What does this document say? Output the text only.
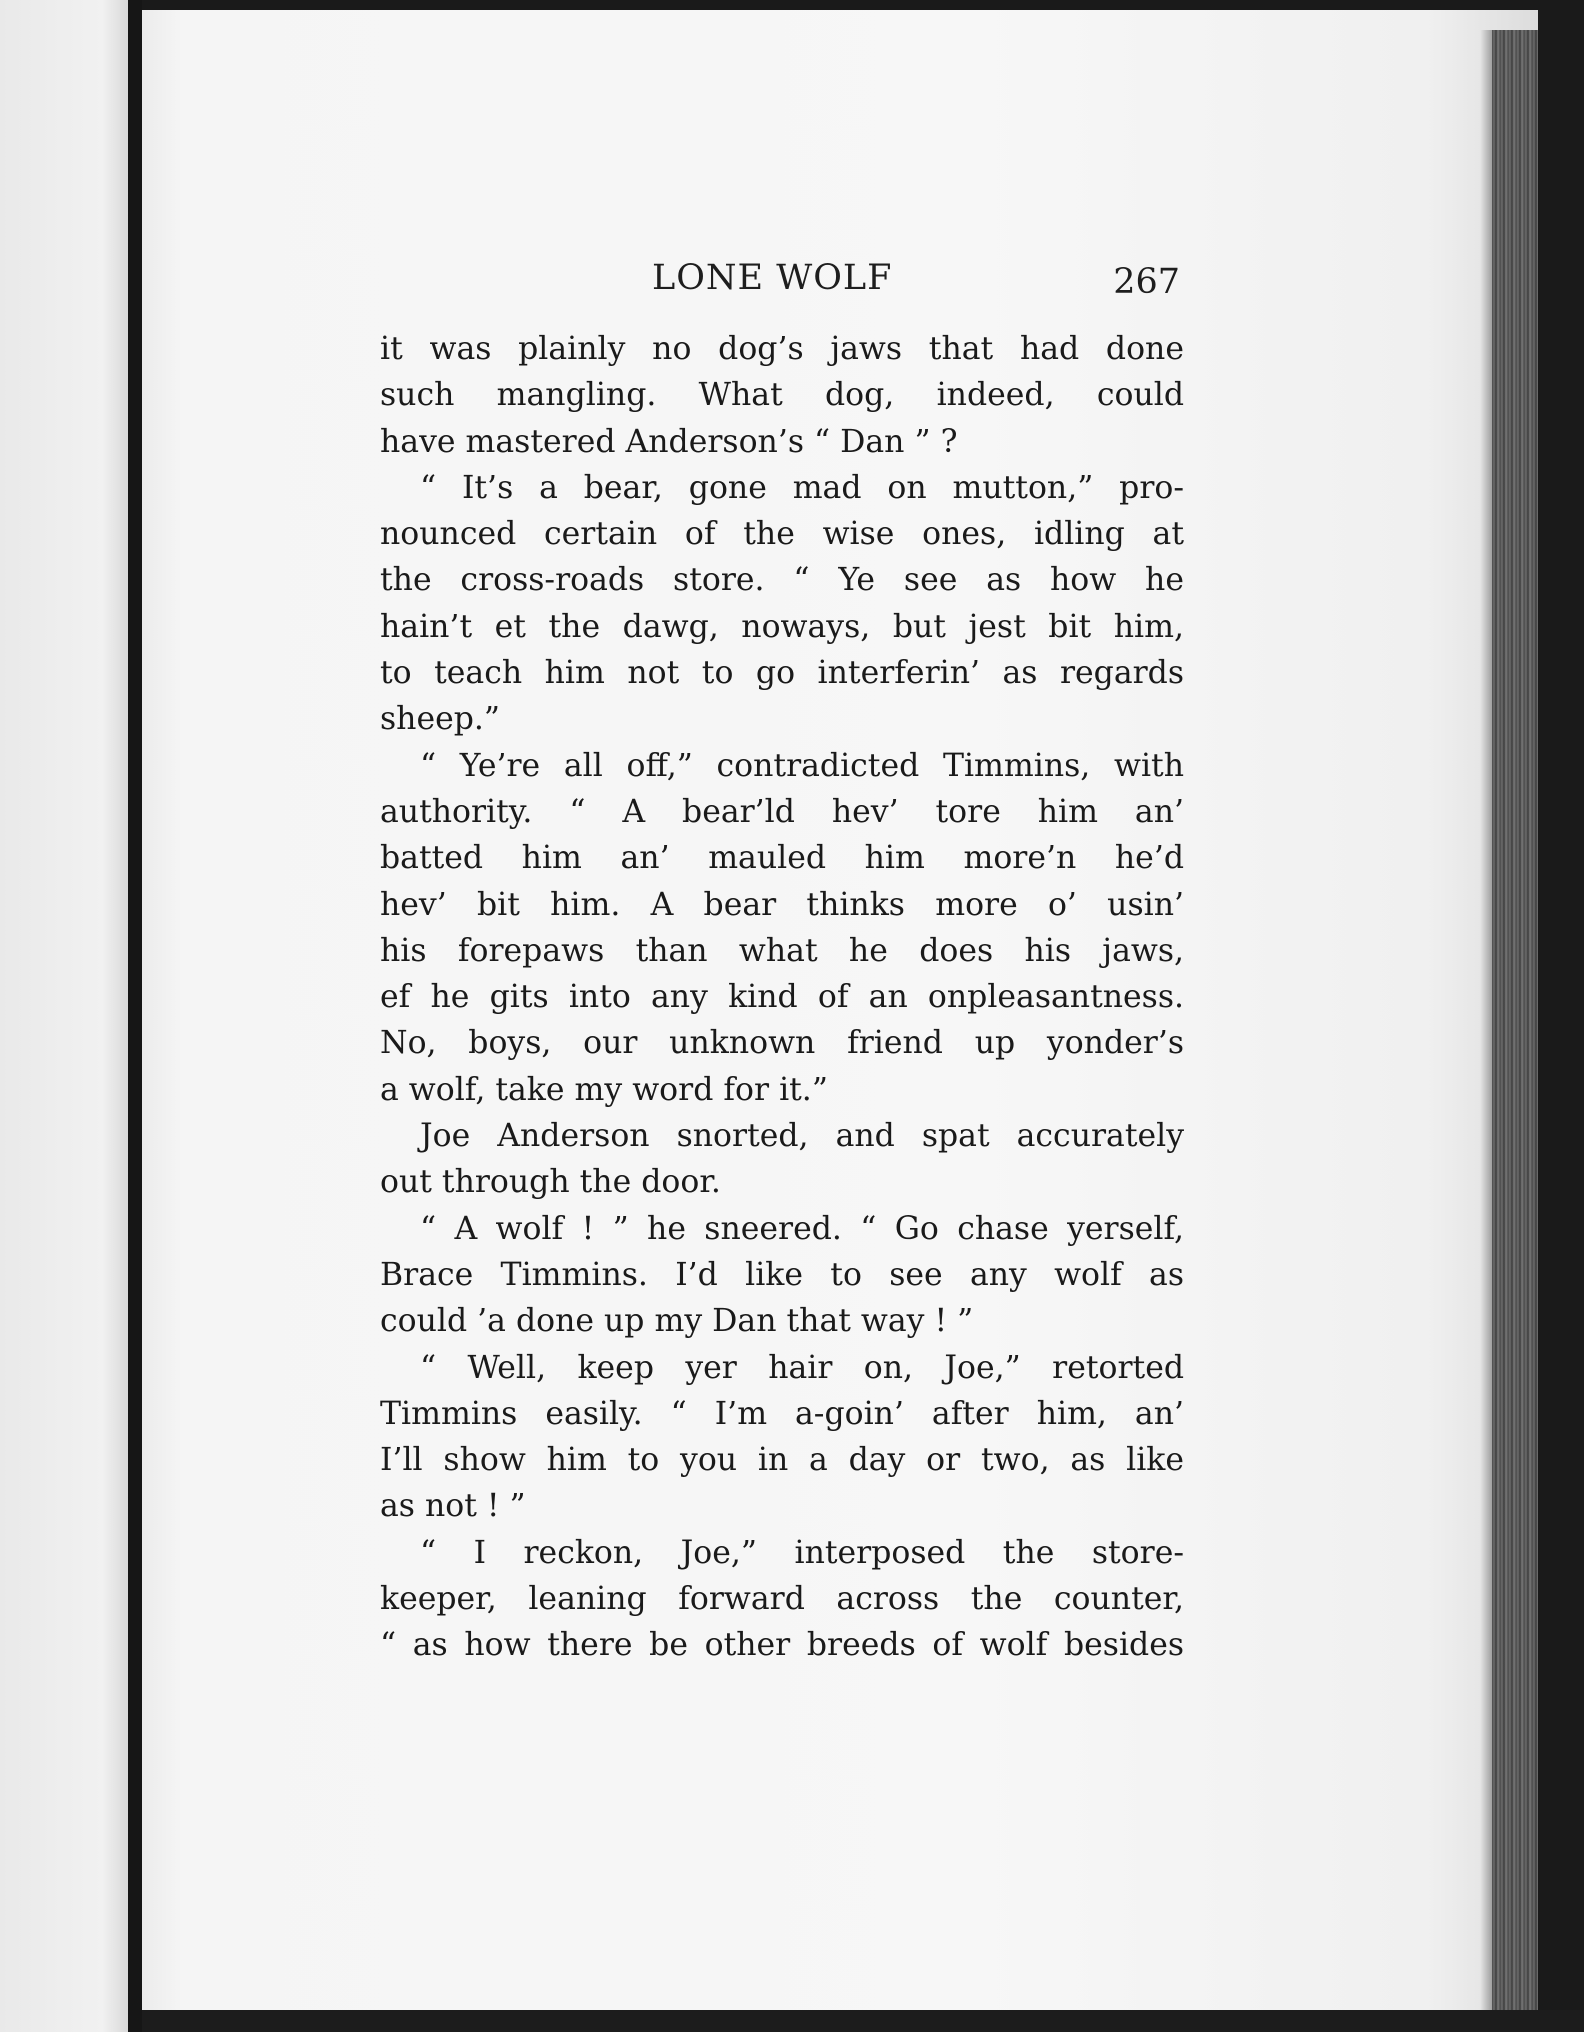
LONE WOLF	267
it was plainly no dog’s jaws that had done
such mangling. What dog, indeed, could
have mastered Anderson’s “ Dan ” ?
“ It’s a bear, gone mad on mutton,” pro-
nounced certain of the wise ones, idling at
the cross-roads store. “ Ye see as how he
hain’t et the dawg, noways, but jest bit him,
to teach him not to go interferin’ as regards
sheep.”
“ Ye’re all off,” contradicted Timmins, with
authority. “ A bear’ld hev’ tore him an’
batted him an’ mauled him more’n he’d
hev’ bit him. A bear thinks more o’ usin’
his forepaws than what he does his jaws,
ef he gits into any kind of an onpleasantness.
No, boys, our unknown friend up yonder’s
a wolf, take my word for it.”
Joe Anderson snorted, and spat accurately
out through the door.
“ A wolf ! ” he sneered. “ Go chase yerself,
Brace Timmins. I’d like to see any wolf as
could ’a done up my Dan that way ! ”
“ Well, keep yer hair on, Joe,” retorted
Timmins easily. “ I’m a-goin’ after him, an’
I’ll show him to you in a day or two, as like
as not ! ”
“ I reckon, Joe,” interposed the store-
keeper, leaning forward across the counter,
“ as how there be other breeds of wolf besides
